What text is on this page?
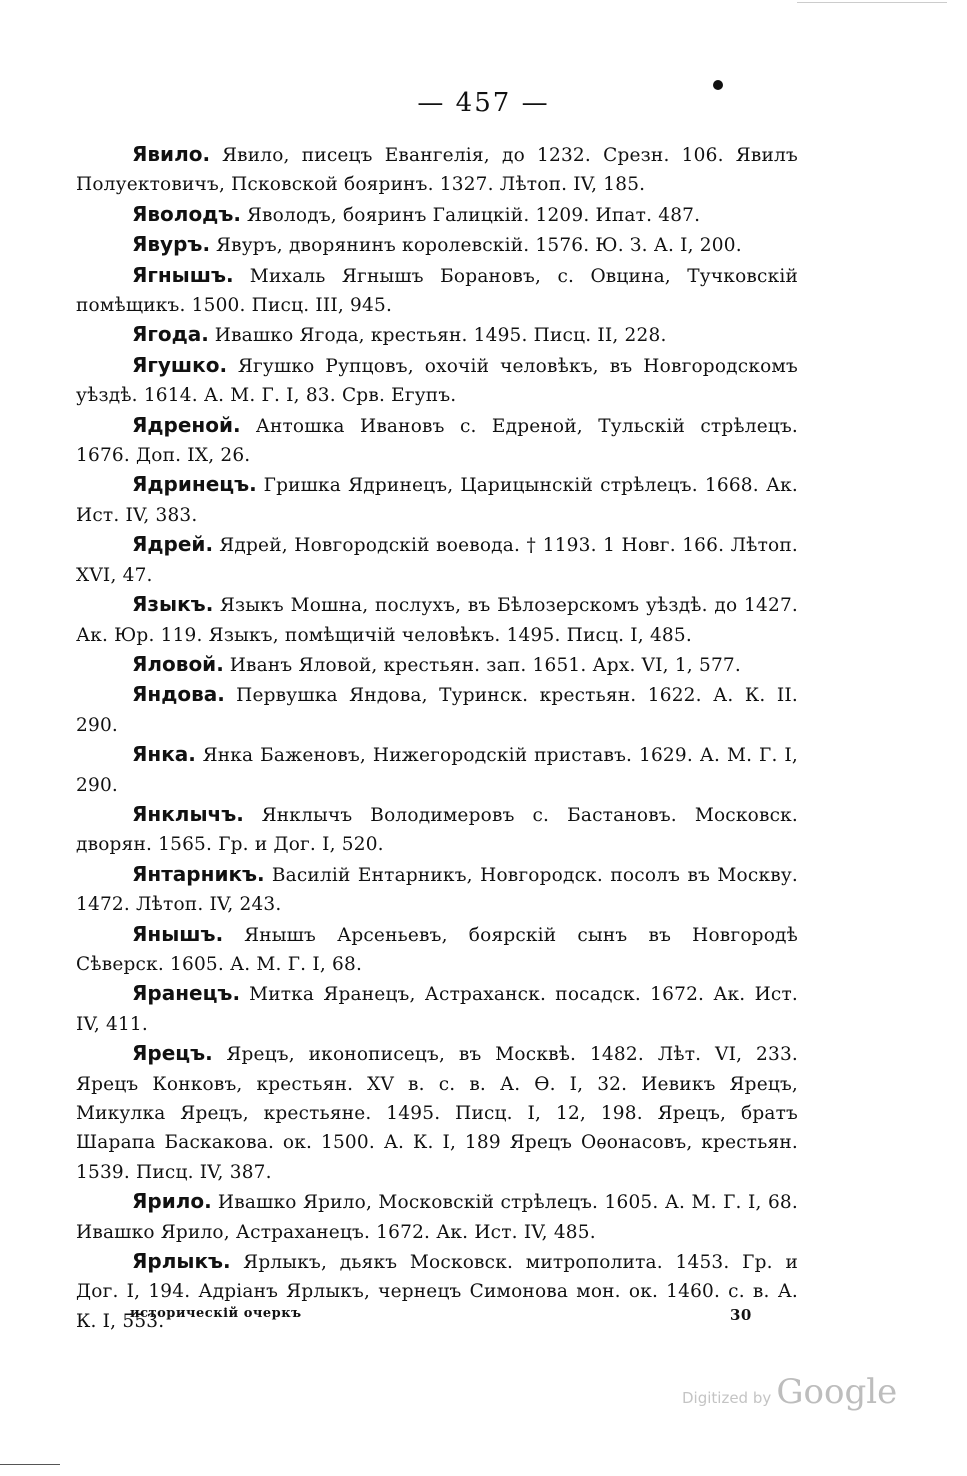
— 457 —

Явило. Явило, писецъ Евангелія, до 1232. Срезн. 106. Явилъ Полуектовичъ, Псковской бояринъ. 1327. Лѣтоп. IV, 185.

Яволодъ. Яволодъ, бояринъ Галицкій. 1209. Ипат. 487.

Явуръ. Явуръ, дворянинъ королевскій. 1576. Ю. З. А. I, 200.

Ягнышъ. Михаль Ягнышъ Борановъ, с. Овцина, Тучковскій помѣщикъ. 1500. Писц. III, 945.

Ягода. Ивашко Ягода, крестьян. 1495. Писц. II, 228.

Ягушко. Ягушко Рупцовъ, охочій человѣкъ, въ Новгородскомъ уѣздѣ. 1614. А. М. Г. I, 83. Срв. Егупъ.

Ядреной. Антошка Ивановъ с. Едреной, Тульскій стрѣлецъ. 1676. Доп. IX, 26.

Ядринецъ. Гришка Ядринецъ, Царицынскій стрѣлецъ. 1668. Ак. Ист. IV, 383.

Ядрей. Ядрей, Новгородскій воевода. † 1193. 1 Новг. 166. Лѣтоп. XVI, 47.

Языкъ. Языкъ Мошна, послухъ, въ Бѣлозерскомъ уѣздѣ. до 1427. Ак. Юр. 119. Языкъ, помѣщичій человѣкъ. 1495. Писц. I, 485.

Яловой. Иванъ Яловой, крестьян. зап. 1651. Арх. VI, 1, 577.

Яндова. Первушка Яндова, Туринск. крестьян. 1622. А. К. II. 290.

Янка. Янка Баженовъ, Нижегородскій приставъ. 1629. А. М. Г. I, 290.

Янклычъ. Янклычъ Володимеровъ с. Бастановъ. Московск. дворян. 1565. Гр. и Дог. I, 520.

Янтарникъ. Василій Ентарникъ, Новгородск. посолъ въ Москву. 1472. Лѣтоп. IV, 243.

Янышъ. Янышъ Арсеньевъ, боярскій сынъ въ Новгородѣ Сѣверск. 1605. А. М. Г. I, 68.

Яранецъ. Митка Яранецъ, Астраханск. посадск. 1672. Ак. Ист. IV, 411.

Ярецъ. Ярецъ, иконописецъ, въ Москвѣ. 1482. Лѣт. VI, 233. Ярецъ Конковъ, крестьян. XV в. с. в. А. Ѳ. I, 32. Иевикъ Ярецъ, Микулка Ярецъ, крестьяне. 1495. Писц. I, 12, 198. Ярецъ, братъ Шарапа Баскакова. ок. 1500. А. К. I, 189 Ярецъ Оѳонасовъ, крестьян. 1539. Писц. IV, 387.

Ярило. Ивашко Ярило, Московскій стрѣлецъ. 1605. А. М. Г. I, 68. Ивашко Ярило, Астраханецъ. 1672. Ак. Ист. IV, 485.

Ярлыкъ. Ярлыкъ, дьякъ Московск. митрополита. 1453. Гр. и Дог. I, 194. Адріанъ Ярлыкъ, чернецъ Симонова мон. ок. 1460. с. в. А. К. I, 553.

историческій очеркъ	30
Digitized by Google
